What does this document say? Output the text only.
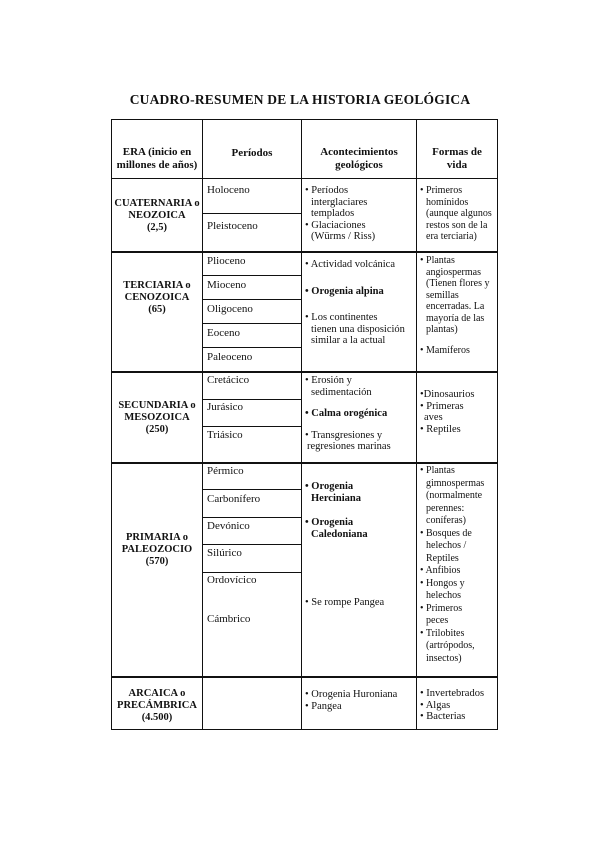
CUADRO-RESUMEN DE LA HISTORIA GEOLÓGICA
ERA (inicio en
millones de años)
Períodos	Acontecimientos
geológicos
Formas de
vida
CUATERNARIA o
NEOZOICA
(2,5)
Holoceno
Pleistoceno
• Períodos
interglaciares
templados
• Glaciaciones
(Würms / Riss)
• Primeros
homínidos
(aunque algunos
restos son de la
era terciaria)
TERCIARIA o
CENOZOICA
(65)
Plioceno
Mioceno
Oligoceno
Eoceno
Paleoceno
• Actividad volcánica
• Orogenia alpina
• Los continentes
tienen una disposición
similar a la actual
• Plantas
angiospermas
(Tienen flores y
semillas
encerradas. La
mayoría de las
plantas)
• Mamíferos
SECUNDARIA o
MESOZOICA
(250)
Cretácico
Jurásico
Triásico
• Erosión y
sedimentación
• Calma orogénica
• Transgresiones y
regresiones marinas
•Dinosaurios
• Primeras
aves
• Reptiles
PRIMARIA o
PALEOZOCIO
(570)
Pérmico
Carbonífero
Devónico
Silúrico
Ordovícico
Cámbrico
• Orogenia
Herciniana
• Orogenia
Caledoniana
• Se rompe Pangea
• Plantas
gimnospermas
(normalmente
perennes:
coníferas)
• Bosques de
helechos /
Reptiles
• Anfibios
• Hongos y
helechos
• Primeros
peces
• Trilobites
(artrópodos,
insectos)
ARCAICA o
PRECÁMBRICA
(4.500)
• Orogenia Huroniana
• Pangea
• Invertebrados
• Algas
• Bacterias
